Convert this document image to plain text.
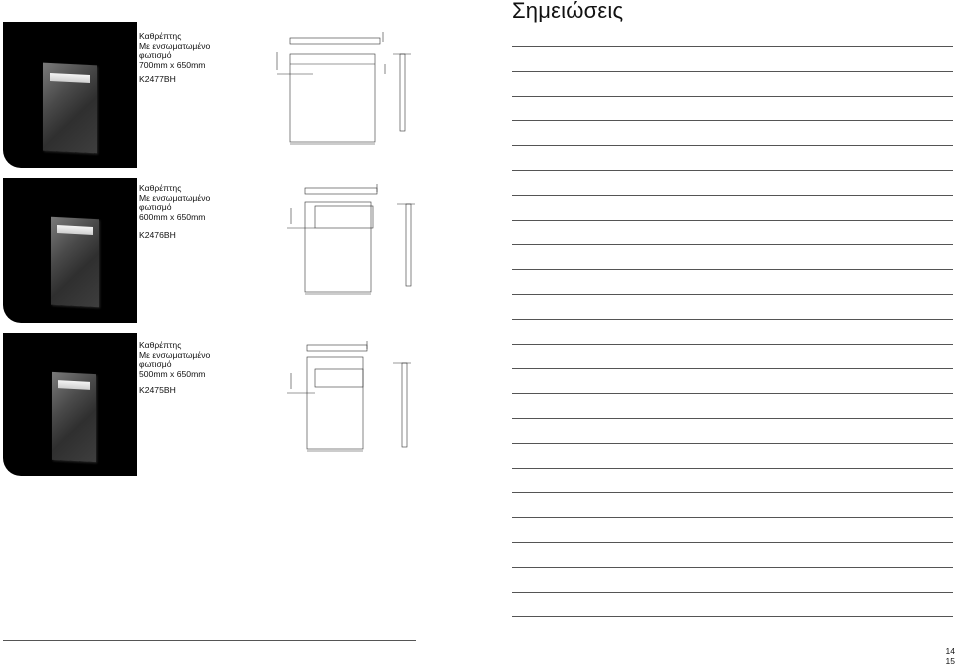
Καθρέπτης
Με ενσωματωμένο
φωτισμό
700mm x 650mm
K2477BH
Καθρέπτης
Με ενσωματωμένο
φωτισμό
600mm x 650mm
K2476BH
Καθρέπτης
Με ενσωματωμένο
φωτισμό
500mm x 650mm
K2475BH
Σημειώσεις
14
15
